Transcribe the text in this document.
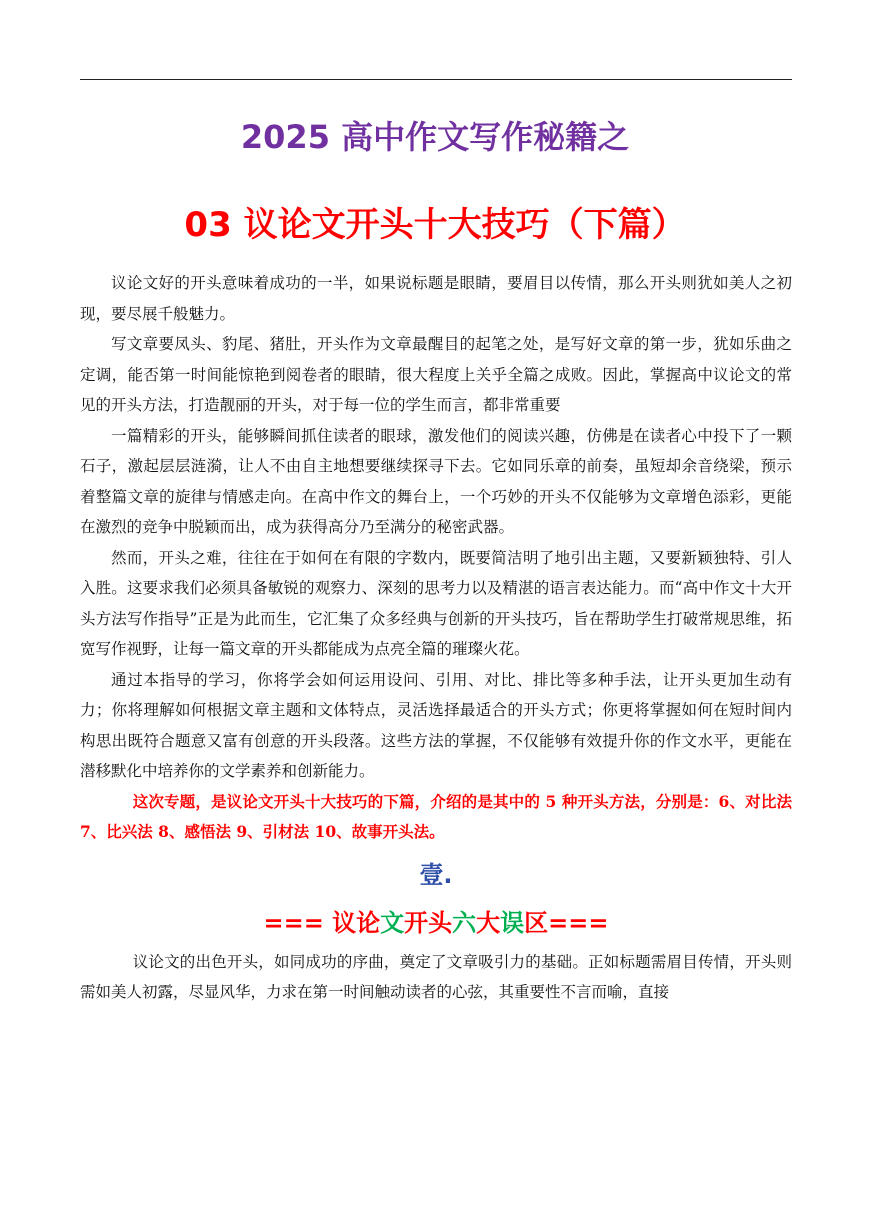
2025 高中作文写作秘籍之
03 议论文开头十大技巧（下篇）

议论文好的开头意味着成功的一半，如果说标题是眼睛，要眉目以传情，那么开头则犹如美人之初现，要尽展千般魅力。

写文章要凤头、豹尾、猪肚，开头作为文章最醒目的起笔之处，是写好文章的第一步，犹如乐曲之定调，能否第一时间能惊艳到阅卷者的眼睛，很大程度上关乎全篇之成败。因此，掌握高中议论文的常见的开头方法，打造靓丽的开头，对于每一位的学生而言，都非常重要

一篇精彩的开头，能够瞬间抓住读者的眼球，激发他们的阅读兴趣，仿佛是在读者心中投下了一颗石子，激起层层涟漪，让人不由自主地想要继续探寻下去。它如同乐章的前奏，虽短却余音绕梁，预示着整篇文章的旋律与情感走向。在高中作文的舞台上，一个巧妙的开头不仅能够为文章增色添彩，更能在激烈的竞争中脱颖而出，成为获得高分乃至满分的秘密武器。

然而，开头之难，往往在于如何在有限的字数内，既要简洁明了地引出主题，又要新颖独特、引人入胜。这要求我们必须具备敏锐的观察力、深刻的思考力以及精湛的语言表达能力。而“高中作文十大开头方法写作指导”正是为此而生，它汇集了众多经典与创新的开头技巧，旨在帮助学生打破常规思维，拓宽写作视野，让每一篇文章的开头都能成为点亮全篇的璀璨火花。

通过本指导的学习，你将学会如何运用设问、引用、对比、排比等多种手法，让开头更加生动有力；你将理解如何根据文章主题和文体特点，灵活选择最适合的开头方式；你更将掌握如何在短时间内构思出既符合题意又富有创意的开头段落。这些方法的掌握，不仅能够有效提升你的作文水平，更能在潜移默化中培养你的文学素养和创新能力。

这次专题，是议论文开头十大技巧的下篇，介绍的是其中的 5 种开头方法，分别是：6、对比法 7、比兴法 8、感悟法 9、引材法 10、故事开头法。

壹.
=== 议论文开头六大误区===

议论文的出色开头，如同成功的序曲，奠定了文章吸引力的基础。正如标题需眉目传情，开头则需如美人初露，尽显风华，力求在第一时间触动读者的心弦，其重要性不言而喻，直接
